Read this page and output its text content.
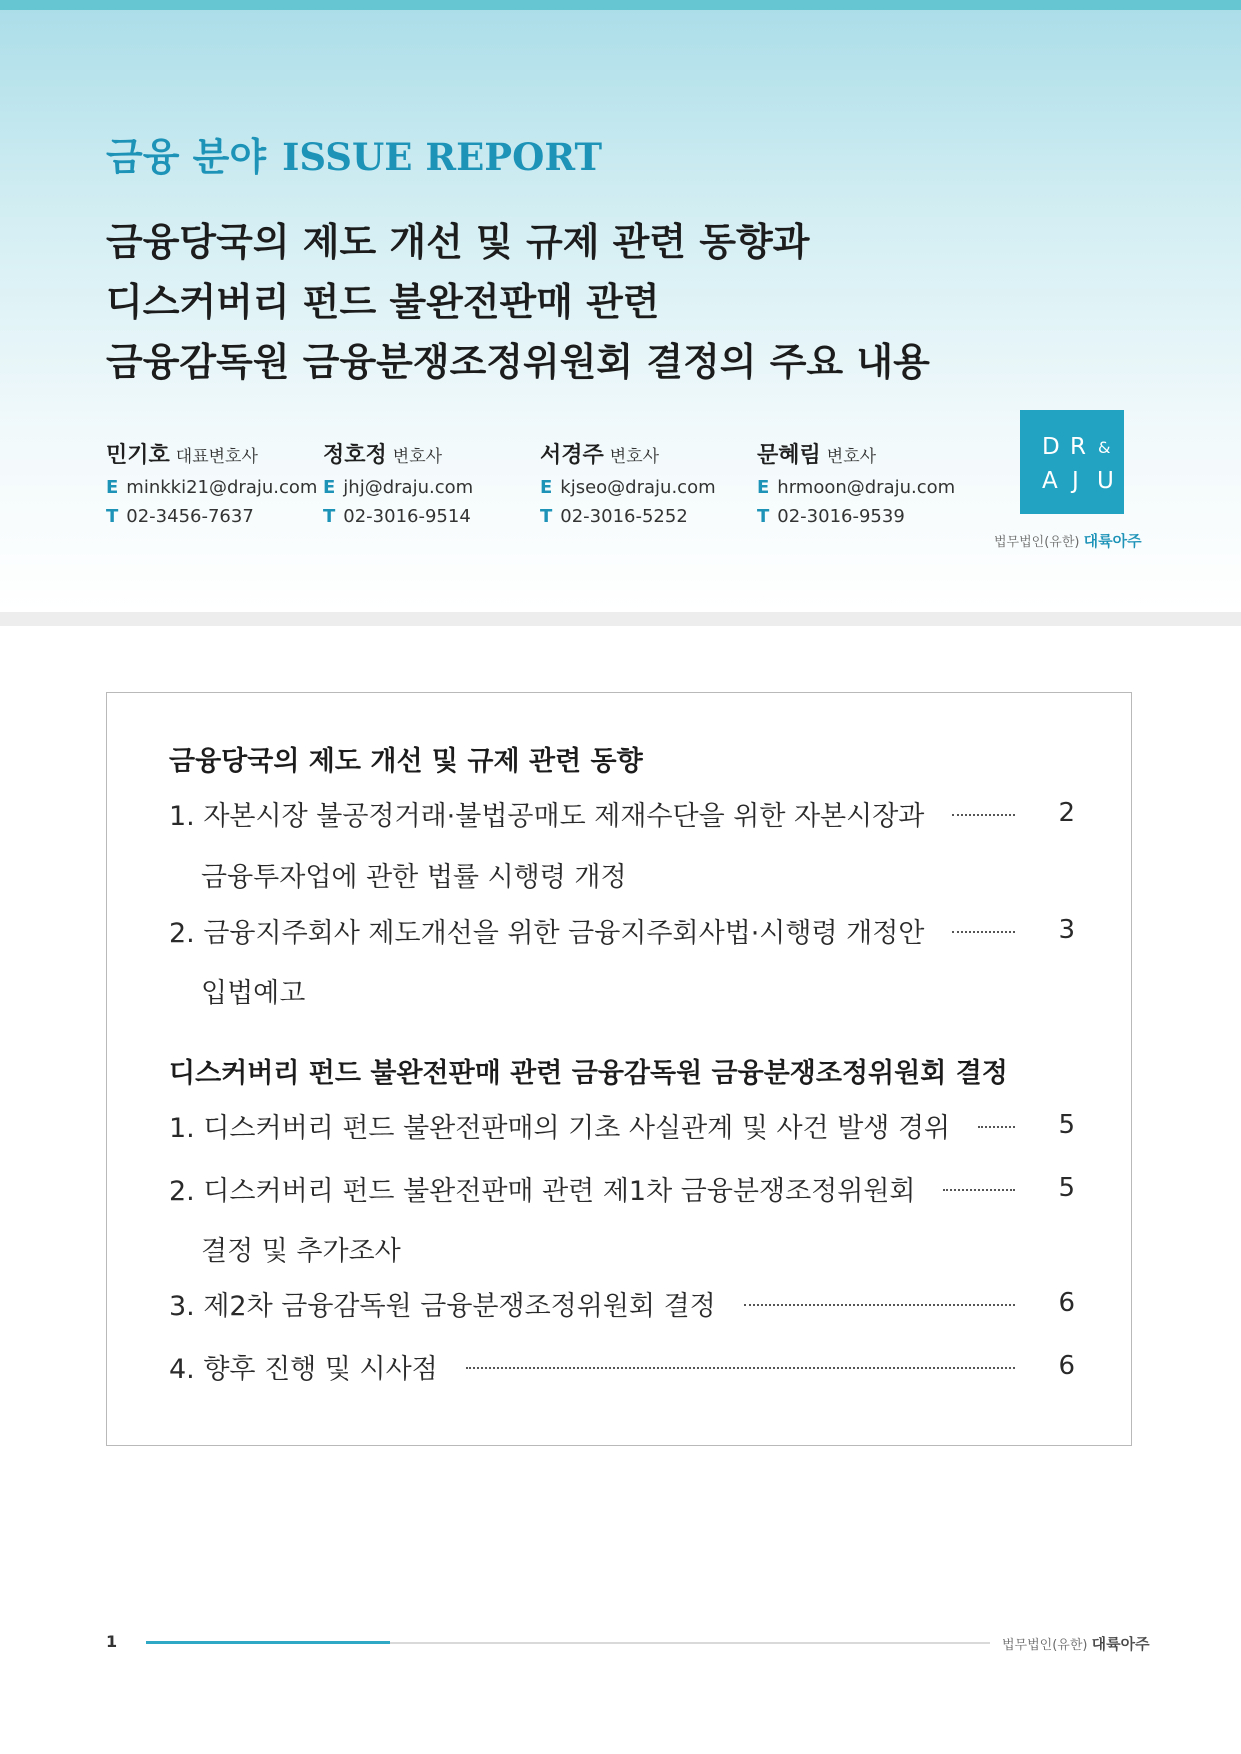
금융 분야 ISSUE REPORT
금융당국의 제도 개선 및 규제 관련 동향과
디스커버리 펀드 불완전판매 관련
금융감독원 금융분쟁조정위원회 결정의 주요 내용
민기호 대표변호사
E minkki21@draju.com
T 02-3456-7637
정호정 변호사
E jhj@draju.com
T 02-3016-9514
서경주 변호사
E kjseo@draju.com
T 02-3016-5252
문혜림 변호사
E hrmoon@draju.com
T 02-3016-9539
D R &
A J U
법무법인(유한) 대륙아주
금융당국의 제도 개선 및 규제 관련 동향
1. 자본시장 불공정거래·불법공매도 제재수단을 위한 자본시장과	2
금융투자업에 관한 법률 시행령 개정
2. 금융지주회사 제도개선을 위한 금융지주회사법·시행령 개정안	3
입법예고
디스커버리 펀드 불완전판매 관련 금융감독원 금융분쟁조정위원회 결정
1. 디스커버리 펀드 불완전판매의 기초 사실관계 및 사건 발생 경위	5
2. 디스커버리 펀드 불완전판매 관련 제1차 금융분쟁조정위원회	5
결정 및 추가조사
3. 제2차 금융감독원 금융분쟁조정위원회 결정	6
4. 향후 진행 및 시사점	6
1	법무법인(유한) 대륙아주
